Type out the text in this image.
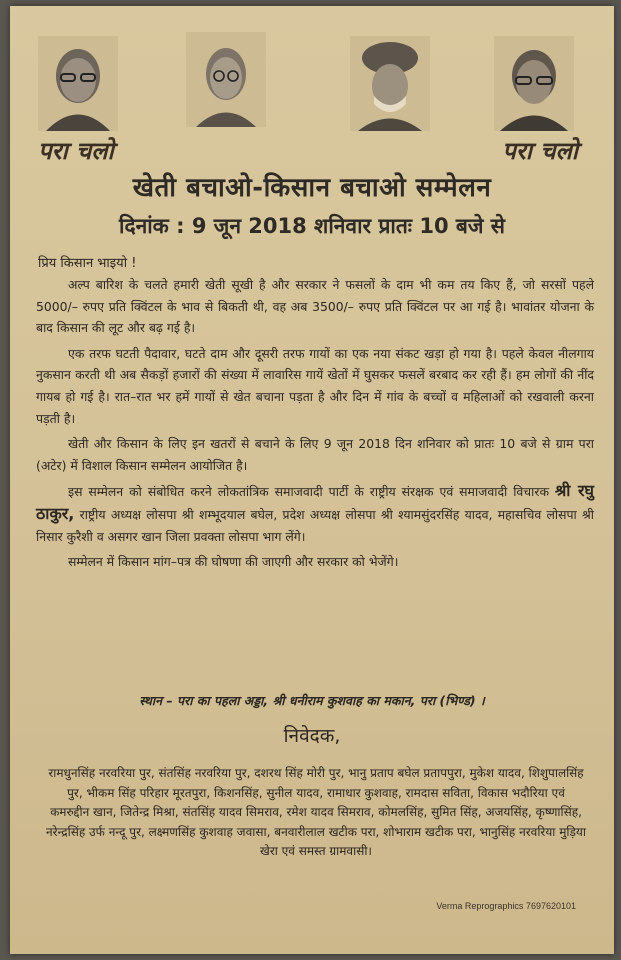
परा चलो	परा चलो
खेती बचाओ-किसान बचाओ सम्मेलन
दिनांक : 9 जून 2018 शनिवार प्रातः 10 बजे से
प्रिय किसान भाइयो !

अल्प बारिश के चलते हमारी खेती सूखी है और सरकार ने फसलों के दाम भी कम तय किए हैं, जो सरसों पहले 5000/– रुपए प्रति क्विंटल के भाव से बिकती थी, वह अब 3500/– रुपए प्रति क्विंटल पर आ गई है। भावांतर योजना के बाद किसान की लूट और बढ़ गई है।

एक तरफ घटती पैदावार, घटते दाम और दूसरी तरफ गायों का एक नया संकट खड़ा हो गया है। पहले केवल नीलगाय नुकसान करती थी अब सैकड़ों हजारों की संख्या में लावारिस गायें खेतों में घुसकर फसलें बरबाद कर रही हैं। हम लोगों की नींद गायब हो गई है। रात–रात भर हमें गायों से खेत बचाना पड़ता है और दिन में गांव के बच्चों व महिलाओं को रखवाली करना पड़ती है।

खेती और किसान के लिए इन खतरों से बचाने के लिए 9 जून 2018 दिन शनिवार को प्रातः 10 बजे से ग्राम परा (अटेर) में विशाल किसान सम्मेलन आयोजित है।

इस सम्मेलन को संबोधित करने लोकतांत्रिक समाजवादी पार्टी के राष्ट्रीय संरक्षक एवं समाजवादी विचारक श्री रघु ठाकुर, राष्ट्रीय अध्यक्ष लोसपा श्री शम्भूदयाल बघेल, प्रदेश अध्यक्ष लोसपा श्री श्यामसुंदरसिंह यादव, महासचिव लोसपा श्री निसार कुरैशी व असगर खान जिला प्रवक्ता लोसपा भाग लेंगे।

सम्मेलन में किसान मांग–पत्र की घोषणा की जाएगी और सरकार को भेजेंगे।

स्थान – परा का पहला अड्डा, श्री धनीराम कुशवाह का मकान, परा (भिण्ड) ।
निवेदक,
रामधुनसिंह नरवरिया पुर, संतसिंह नरवरिया पुर, दशरथ सिंह मोरी पुर, भानु प्रताप बघेल प्रतापपुरा, मुकेश यादव, शिशुपालसिंह पुर, भीकम सिंह परिहार मूरतपुरा, किशनसिंह, सुनील यादव, रामाधार कुशवाह, रामदास सविता, विकास भदौरिया एवं कमरुद्दीन खान, जितेन्द्र मिश्रा, संतसिंह यादव सिमराव, रमेश यादव सिमराव, कोमलसिंह, सुमित सिंह, अजयसिंह, कृष्णासिंह, नरेन्द्रसिंह उर्फ नन्दू पुर, लक्ष्मणसिंह कुशवाह जवासा, बनवारीलाल खटीक परा, शोभाराम खटीक परा, भानुसिंह नरवरिया मुड़िया खेरा एवं समस्त ग्रामवासी।
Verma Reprographics 7697620101
